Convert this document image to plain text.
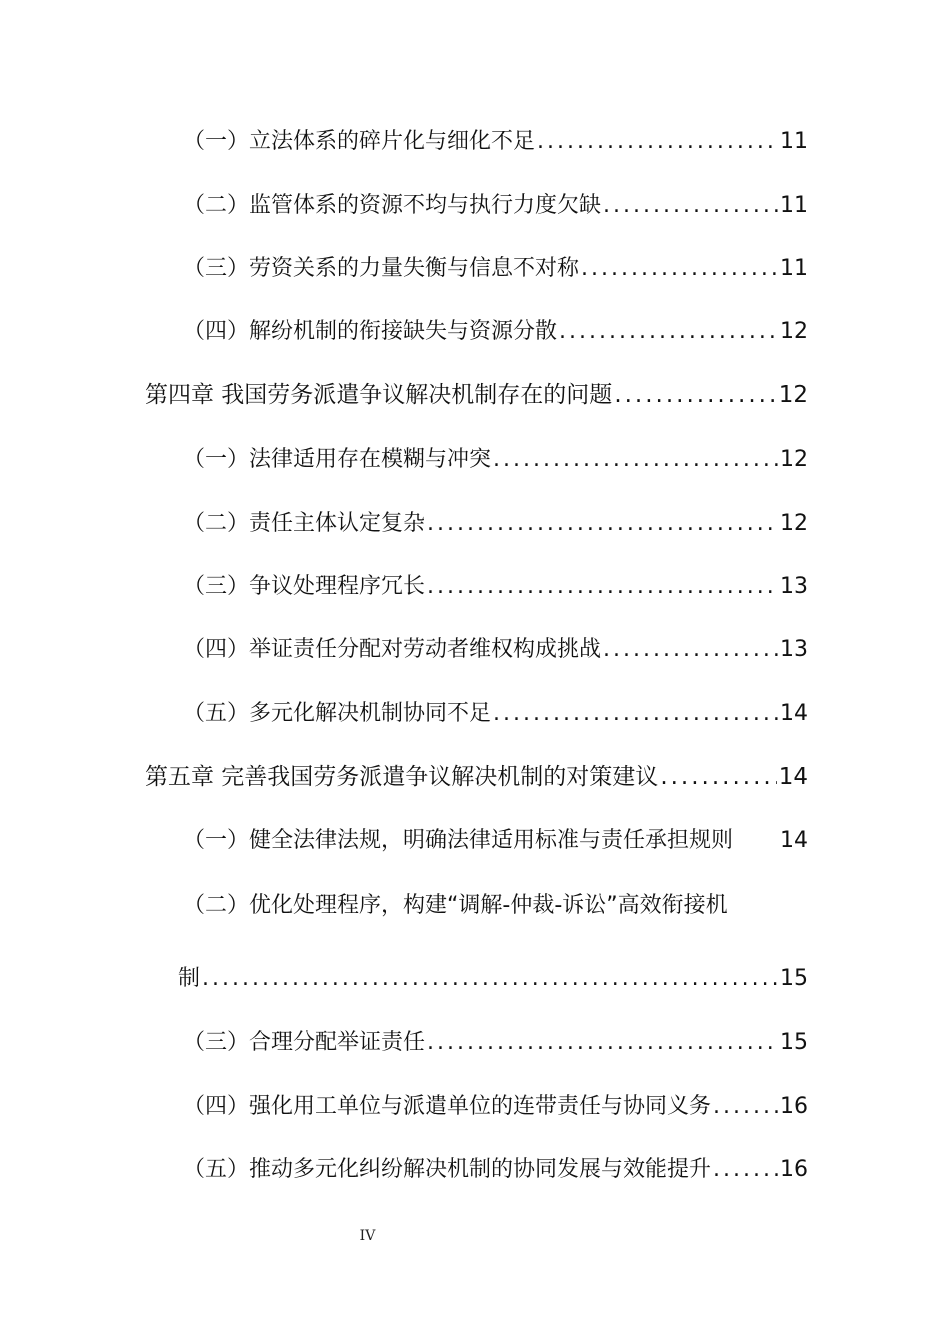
（一）立法体系的碎片化与细化不足 .....	11
（二）监管体系的资源不均与执行力度欠缺 .....	11
（三）劳资关系的力量失衡与信息不对称 .....	11
（四）解纷机制的衔接缺失与资源分散 .....	12
第四章 我国劳务派遣争议解决机制存在的问题 .....	12
（一）法律适用存在模糊与冲突 .....	12
（二）责任主体认定复杂 .....	12
（三）争议处理程序冗长 .....	13
（四）举证责任分配对劳动者维权构成挑战 .....	13
（五）多元化解决机制协同不足 .....	14
第五章 完善我国劳务派遣争议解决机制的对策建议 .....	14
（一）健全法律法规，明确法律适用标准与责任承担规则 14
（二）优化处理程序，构建“调解-仲裁-诉讼”高效衔接机
制 .....	15
（三）合理分配举证责任 .....	15
（四）强化用工单位与派遣单位的连带责任与协同义务 .....	16
（五）推动多元化纠纷解决机制的协同发展与效能提升 .....	16
IV
